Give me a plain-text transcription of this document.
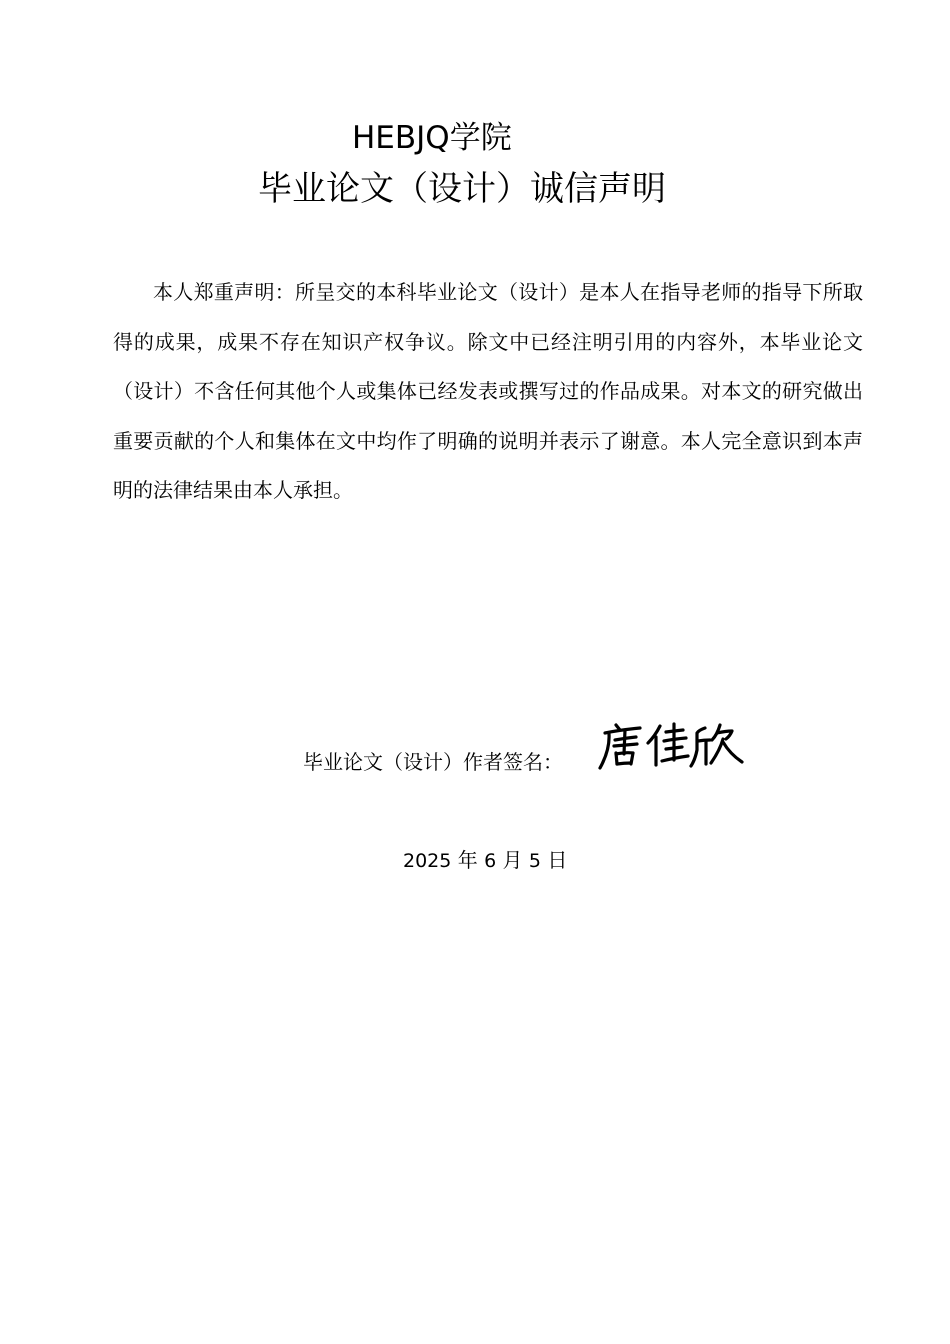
HEBJQ学院
毕业论文（设计）诚信声明

本人郑重声明：所呈交的本科毕业论文（设计）是本人在指导老师的指导下所取得的成果，成果不存在知识产权争议。除文中已经注明引用的内容外，本毕业论文（设计）不含任何其他个人或集体已经发表或撰写过的作品成果。对本文的研究做出重要贡献的个人和集体在文中均作了明确的说明并表示了谢意。本人完全意识到本声明的法律结果由本人承担。

毕业论文（设计）作者签名：
2025 年 6 月 5 日
